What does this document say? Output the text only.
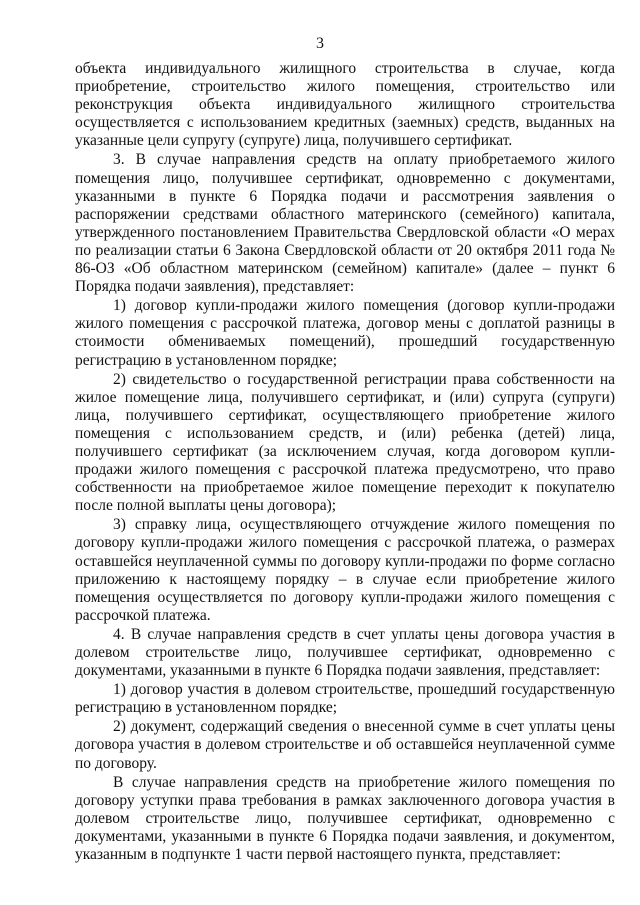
3

объекта индивидуального жилищного строительства в случае, когда приобретение, строительство жилого помещения, строительство или реконструкция объекта индивидуального жилищного строительства осуществляется с использованием кредитных (заемных) средств, выданных на указанные цели супругу (супруге) лица, получившего сертификат.

3. В случае направления средств на оплату приобретаемого жилого помещения лицо, получившее сертификат, одновременно с документами, указанными в пункте 6 Порядка подачи и рассмотрения заявления о распоряжении средствами областного материнского (семейного) капитала, утвержденного постановлением Правительства Свердловской области «О мерах по реализации статьи 6 Закона Свердловской области от 20 октября 2011 года № 86-ОЗ «Об областном материнском (семейном) капитале» (далее – пункт 6 Порядка подачи заявления), представляет:

1) договор купли-продажи жилого помещения (договор купли-продажи жилого помещения с рассрочкой платежа, договор мены с доплатой разницы в стоимости обмениваемых помещений), прошедший государственную регистрацию в установленном порядке;

2) свидетельство о государственной регистрации права собственности на жилое помещение лица, получившего сертификат, и (или) супруга (супруги) лица, получившего сертификат, осуществляющего приобретение жилого помещения с использованием средств, и (или) ребенка (детей) лица, получившего сертификат (за исключением случая, когда договором купли-продажи жилого помещения с рассрочкой платежа предусмотрено, что право собственности на приобретаемое жилое помещение переходит к покупателю после полной выплаты цены договора);

3) справку лица, осуществляющего отчуждение жилого помещения по договору купли-продажи жилого помещения с рассрочкой платежа, о размерах оставшейся неуплаченной суммы по договору купли-продажи по форме согласно приложению к настоящему порядку – в случае если приобретение жилого помещения осуществляется по договору купли-продажи жилого помещения с рассрочкой платежа.

4. В случае направления средств в счет уплаты цены договора участия в долевом строительстве лицо, получившее сертификат, одновременно с документами, указанными в пункте 6 Порядка подачи заявления, представляет:

1) договор участия в долевом строительстве, прошедший государственную регистрацию в установленном порядке;

2) документ, содержащий сведения о внесенной сумме в счет уплаты цены договора участия в долевом строительстве и об оставшейся неуплаченной сумме по договору.

В случае направления средств на приобретение жилого помещения по договору уступки права требования в рамках заключенного договора участия в долевом строительстве лицо, получившее сертификат, одновременно с документами, указанными в пункте 6 Порядка подачи заявления, и документом, указанным в подпункте 1 части первой настоящего пункта, представляет:
